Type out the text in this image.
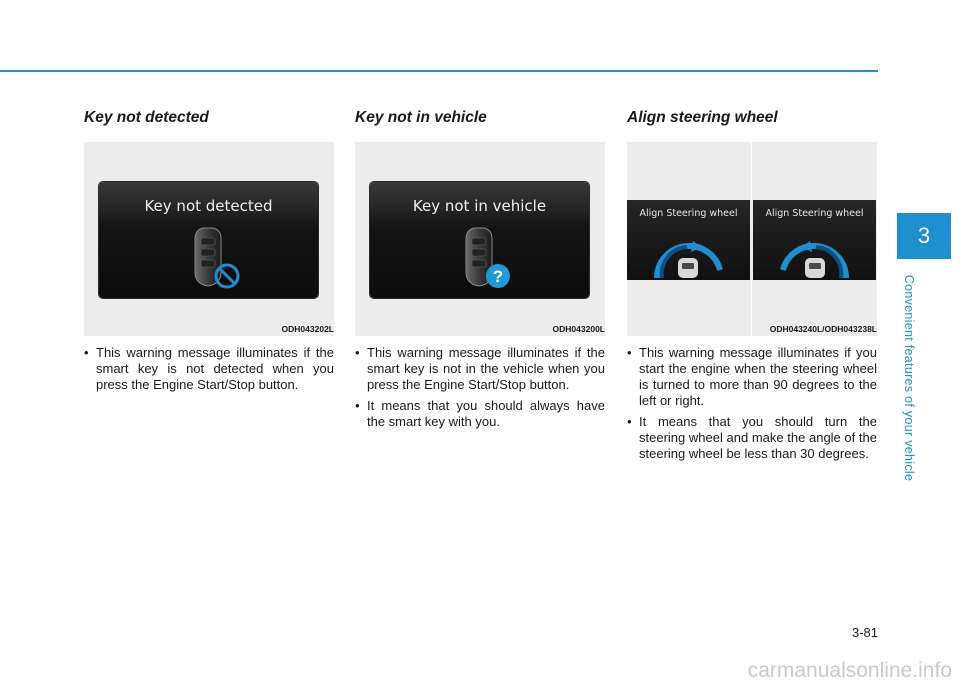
Key not detected
Key not detected
ODH043202L
• This warning message illuminates if the smart key is not detected when you press the Engine Start/Stop button.
Key not in vehicle
Key not in vehicle
?
ODH043200L
• This warning message illuminates if the smart key is not in the vehicle when you press the Engine Start/Stop button.
• It means that you should always have the smart key with you.
Align steering wheel
Align Steering wheel	Align Steering wheel
ODH043240L/ODH043238L
• This warning message illuminates if you start the engine when the steering wheel is turned to more than 90 degrees to the left or right.
• It means that you should turn the steering wheel and make the angle of the steering wheel be less than 30 degrees.
3
Convenient features of your vehicle
3-81
carmanualsonline.info
